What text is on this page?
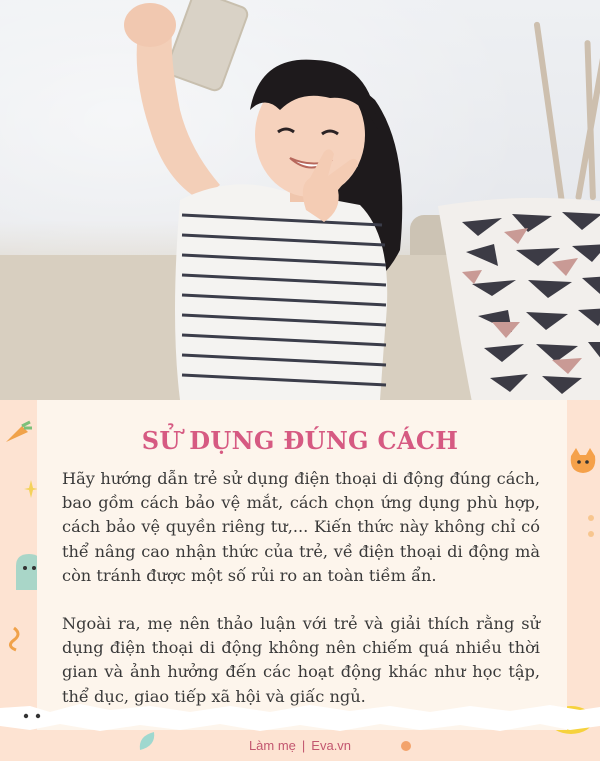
SỬ DỤNG ĐÚNG CÁCH

Hãy hướng dẫn trẻ sử dụng điện thoại di động đúng cách, bao gồm cách bảo vệ mắt, cách chọn ứng dụng phù hợp, cách bảo vệ quyền riêng tư,... Kiến thức này không chỉ có thể nâng cao nhận thức của trẻ, về điện thoại di động mà còn tránh được một số rủi ro an toàn tiềm ẩn.

Ngoài ra, mẹ nên thảo luận với trẻ và giải thích rằng sử dụng điện thoại di động không nên chiếm quá nhiều thời gian và ảnh hưởng đến các hoạt động khác như học tập, thể dục, giao tiếp xã hội và giấc ngủ.

Làm mẹ | Eva.vn
